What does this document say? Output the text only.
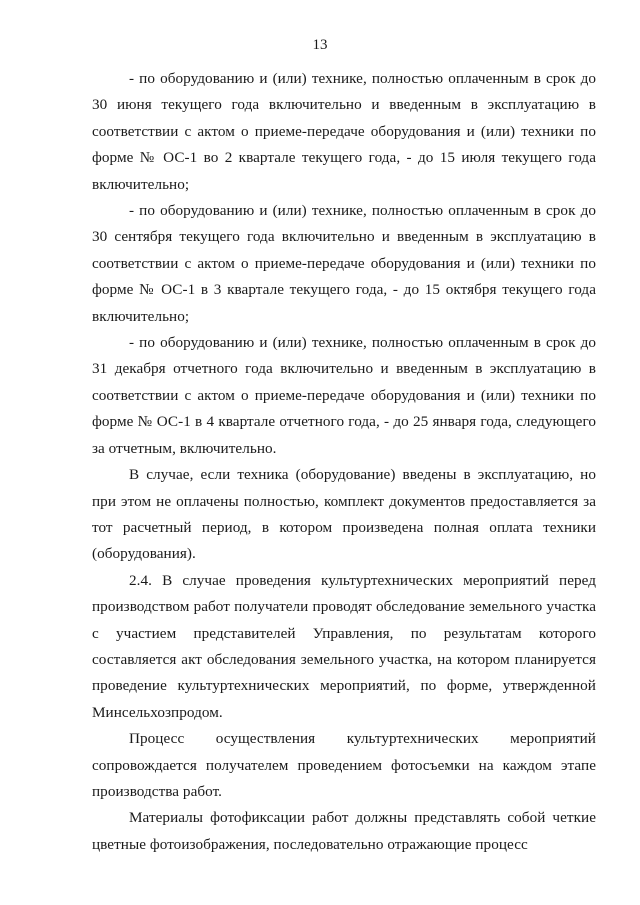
13

- по оборудованию и (или) технике, полностью оплаченным в срок до 30 июня текущего года включительно и введенным в эксплуатацию в соответствии с актом о приеме-передаче оборудования и (или) техники по форме № ОС-1 во 2 квартале текущего года, - до 15 июля текущего года включительно;

- по оборудованию и (или) технике, полностью оплаченным в срок до 30 сентября текущего года включительно и введенным в эксплуатацию в соответствии с актом о приеме-передаче оборудования и (или) техники по форме № ОС-1 в 3 квартале текущего года, - до 15 октября текущего года включительно;

- по оборудованию и (или) технике, полностью оплаченным в срок до 31 декабря отчетного года включительно и введенным в эксплуатацию в соответствии с актом о приеме-передаче оборудования и (или) техники по форме № ОС-1 в 4 квартале отчетного года, - до 25 января года, следующего за отчетным, включительно.

В случае, если техника (оборудование) введены в эксплуатацию, но при этом не оплачены полностью, комплект документов предоставляется за тот расчетный период, в котором произведена полная оплата техники (оборудования).

2.4. В случае проведения культуртехнических мероприятий перед производством работ получатели проводят обследование земельного участка с участием представителей Управления, по результатам которого составляется акт обследования земельного участка, на котором планируется проведение культуртехнических мероприятий, по форме, утвержденной Минсельхозпродом.

Процесс осуществления культуртехнических мероприятий сопровождается получателем проведением фотосъемки на каждом этапе производства работ.

Материалы фотофиксации работ должны представлять собой четкие цветные фотоизображения, последовательно отражающие процесс
